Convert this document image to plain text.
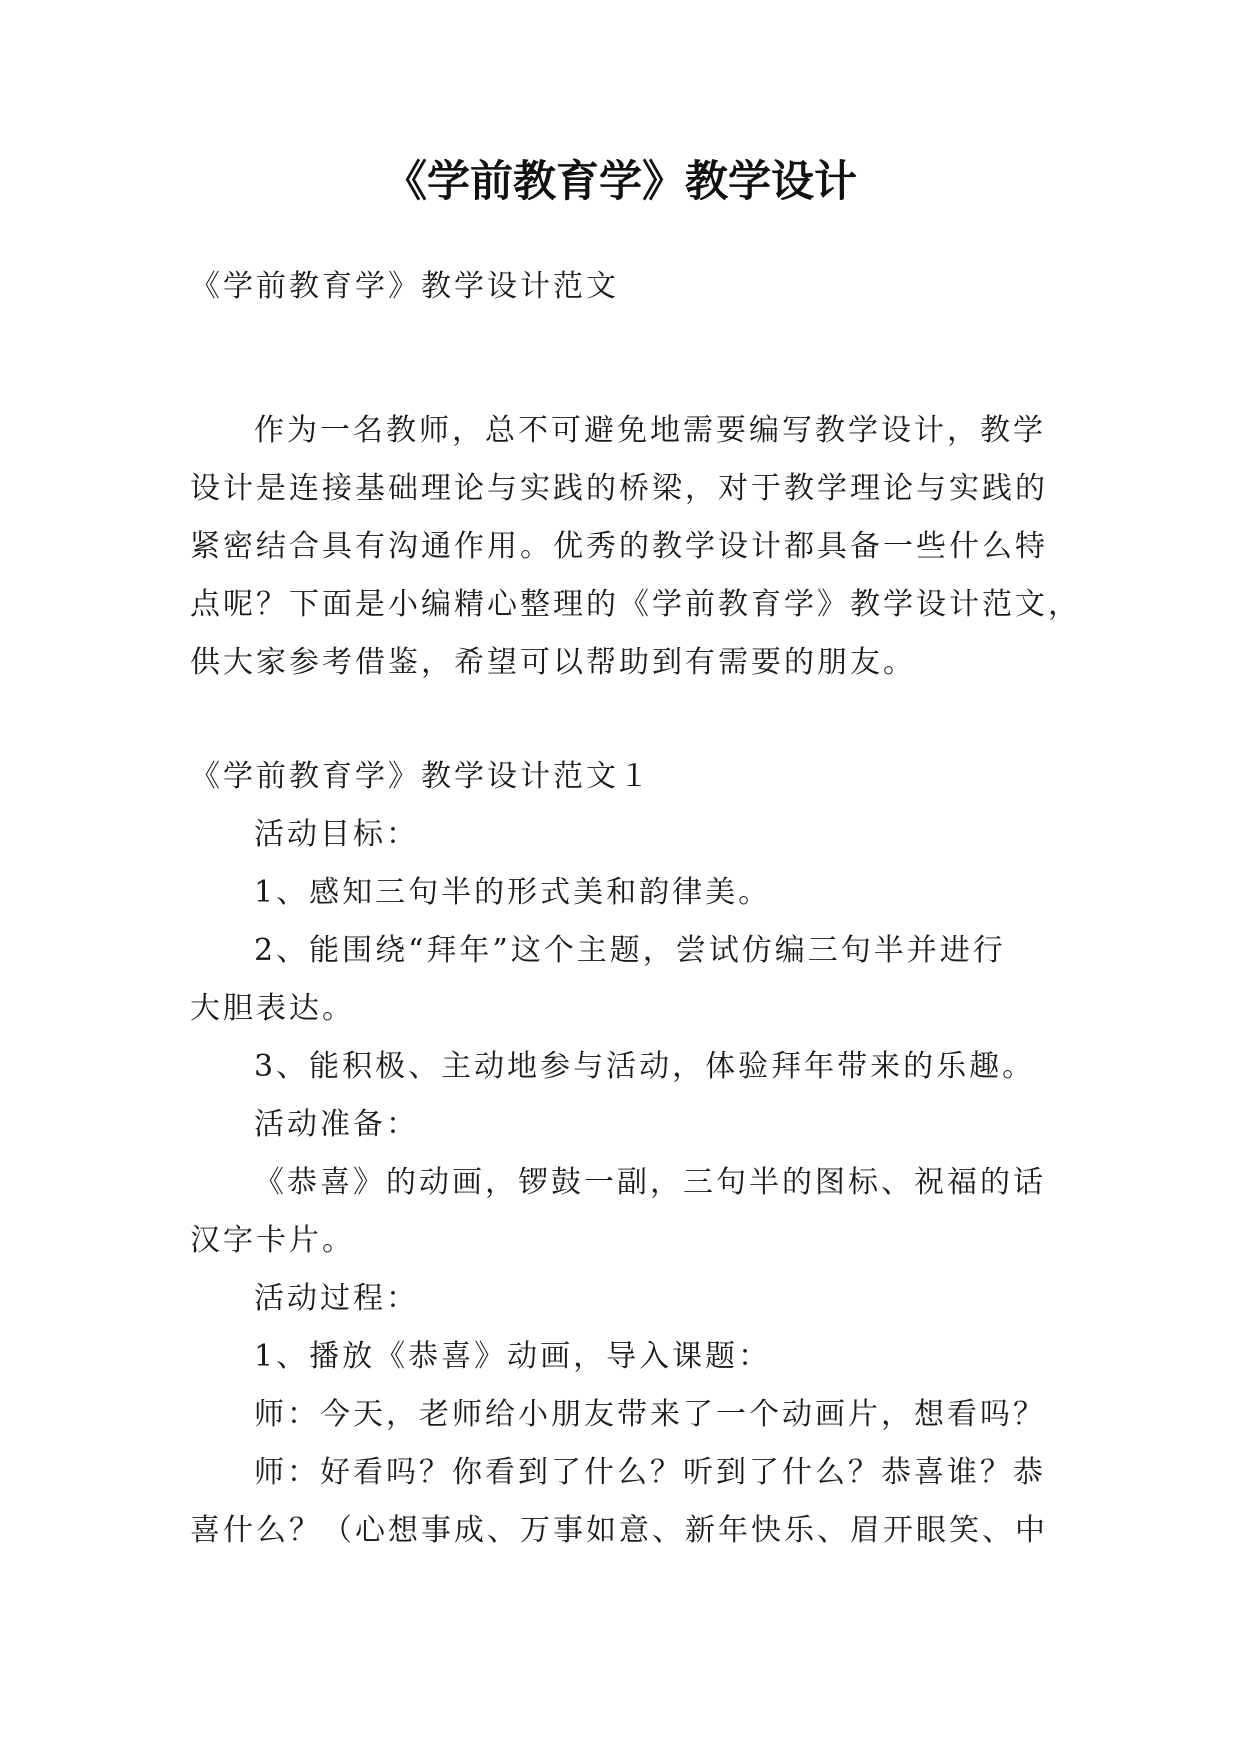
《学前教育学》教学设计

《学前教育学》教学设计范文

作为一名教师，总不可避免地需要编写教学设计，教学
设计是连接基础理论与实践的桥梁，对于教学理论与实践的
紧密结合具有沟通作用。优秀的教学设计都具备一些什么特
点呢？下面是小编精心整理的《学前教育学》教学设计范文，
供大家参考借鉴，希望可以帮助到有需要的朋友。

《学前教育学》教学设计范文１

活动目标：
1、感知三句半的形式美和韵律美。
2、能围绕“拜年”这个主题，尝试仿编三句半并进行
大胆表达。
3、能积极、主动地参与活动，体验拜年带来的乐趣。
活动准备：
《恭喜》的动画，锣鼓一副，三句半的图标、祝福的话
汉字卡片。
活动过程：
1、播放《恭喜》动画，导入课题：
师：今天，老师给小朋友带来了一个动画片，想看吗？
师：好看吗？你看到了什么？听到了什么？恭喜谁？恭
喜什么？（心想事成、万事如意、新年快乐、眉开眼笑、中
